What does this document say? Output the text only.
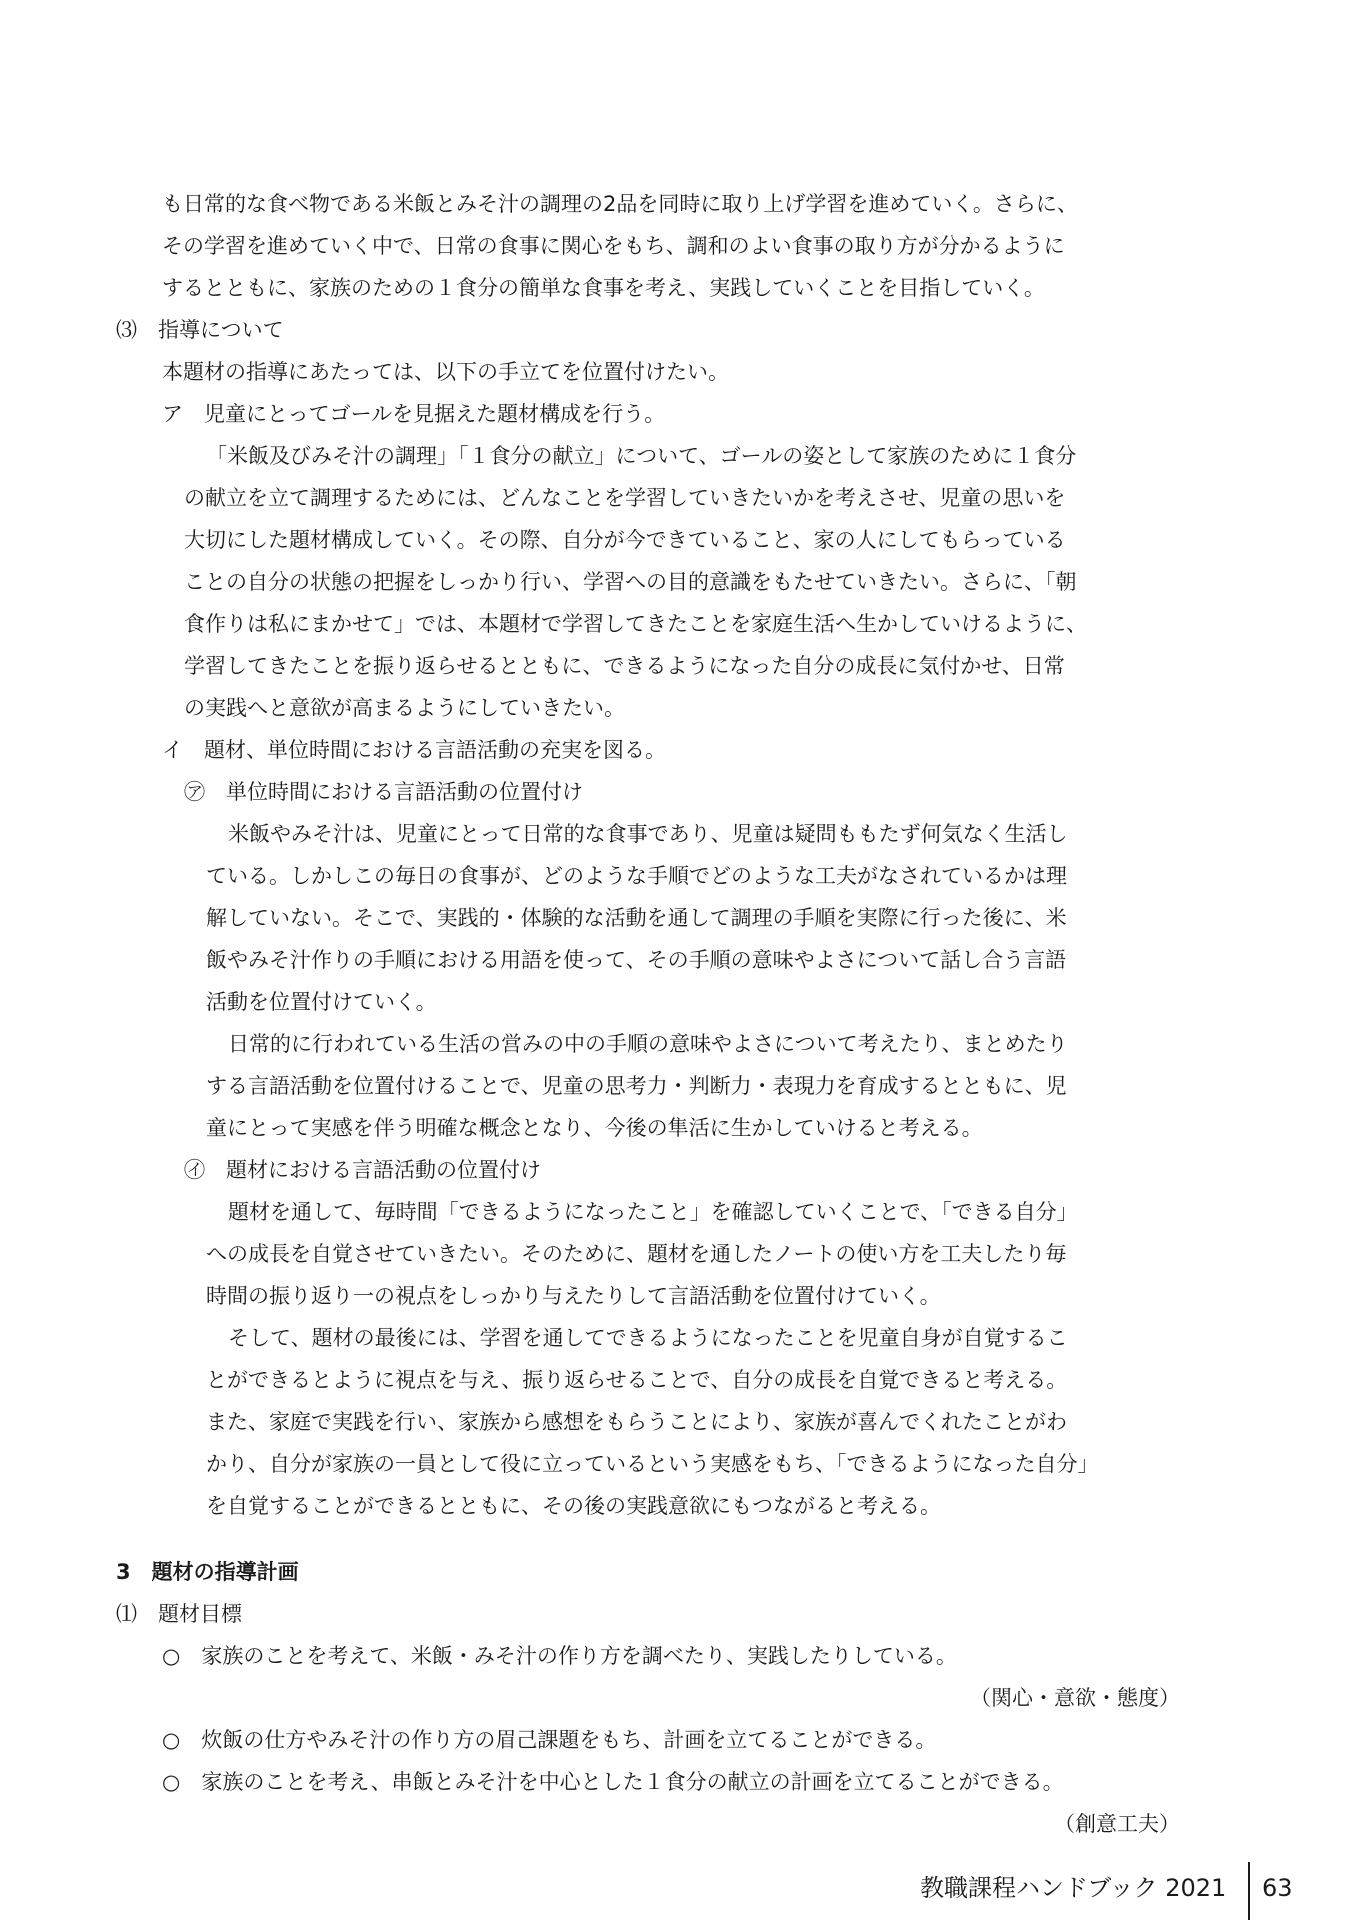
も日常的な食べ物である米飯とみそ汁の調理の2品を同時に取り上げ学習を進めていく。さらに、
その学習を進めていく中で、日常の食事に関心をもち、調和のよい食事の取り方が分かるように
するとともに、家族のための１食分の簡単な食事を考え、実践していくことを目指していく。
⑶　指導について
本題材の指導にあたっては、以下の手立てを位置付けたい。
ア　児童にとってゴールを見据えた題材構成を行う。
「米飯及びみそ汁の調理」「１食分の献立」について、ゴールの姿として家族のために１食分
の献立を立て調理するためには、どんなことを学習していきたいかを考えさせ、児童の思いを
大切にした題材構成していく。その際、自分が今できていること、家の人にしてもらっている
ことの自分の状態の把握をしっかり行い、学習への目的意識をもたせていきたい。さらに、「朝
食作りは私にまかせて」では、本題材で学習してきたことを家庭生活へ生かしていけるように、
学習してきたことを振り返らせるとともに、できるようになった自分の成長に気付かせ、日常
の実践へと意欲が高まるようにしていきたい。
イ　題材、単位時間における言語活動の充実を図る。
㋐　単位時間における言語活動の位置付け
米飯やみそ汁は、児童にとって日常的な食事であり、児童は疑問ももたず何気なく生活し
ている。しかしこの毎日の食事が、どのような手順でどのような工夫がなされているかは理
解していない。そこで、実践的・体験的な活動を通して調理の手順を実際に行った後に、米
飯やみそ汁作りの手順における用語を使って、その手順の意味やよさについて話し合う言語
活動を位置付けていく。
日常的に行われている生活の営みの中の手順の意味やよさについて考えたり、まとめたり
する言語活動を位置付けることで、児童の思考力・判断力・表現力を育成するとともに、児
童にとって実感を伴う明確な概念となり、今後の隼活に生かしていけると考える。
㋑　題材における言語活動の位置付け
題材を通して、毎時間「できるようになったこと」を確認していくことで、「できる自分」
への成長を自覚させていきたい。そのために、題材を通したノートの使い方を工夫したり毎
時間の振り返り一の視点をしっかり与えたりして言語活動を位置付けていく。
そして、題材の最後には、学習を通してできるようになったことを児童自身が自覚するこ
とができるとように視点を与え、振り返らせることで、自分の成長を自覚できると考える。
また、家庭で実践を行い、家族から感想をもらうことにより、家族が喜んでくれたことがわ
かり、自分が家族の一員として役に立っているという実感をもち、「できるようになった自分」
を自覚することができるとともに、その後の実践意欲にもつながると考える。
3　題材の指導計画
⑴　題材目標
○　家族のことを考えて、米飯・みそ汁の作り方を調べたり、実践したりしている。
（関心・意欲・態度）
○　炊飯の仕方やみそ汁の作り方の眉己課題をもち、計画を立てることができる。
○　家族のことを考え、串飯とみそ汁を中心とした１食分の献立の計画を立てることができる。
（創意工夫）
教職課程ハンドブック 2021 63
